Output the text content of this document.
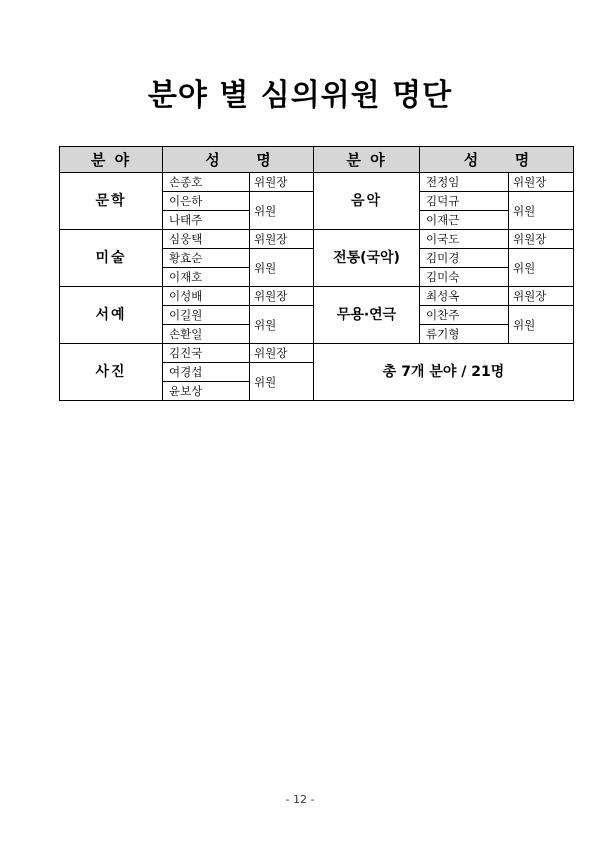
분야 별 심의위원 명단
분 야	성       명		분 야	성       명	
문학	손종호	위원장	음악	전정임	위원장
	이은하	위원		김덕규	위원
	나태주			이재근	
미술	심웅택	위원장	전통(국악)	이국도	위원장
	황효순	위원		김미경	위원
	이재호			김미숙	
서예	이성배	위원장	무용·연극	최성옥	위원장
	이길원	위원		이찬주	위원
	손환일			류기형	
사진	김진국	위원장	총 7개 분야 / 21명		
	여경섭	위원			
	윤보상				
- 12 -
